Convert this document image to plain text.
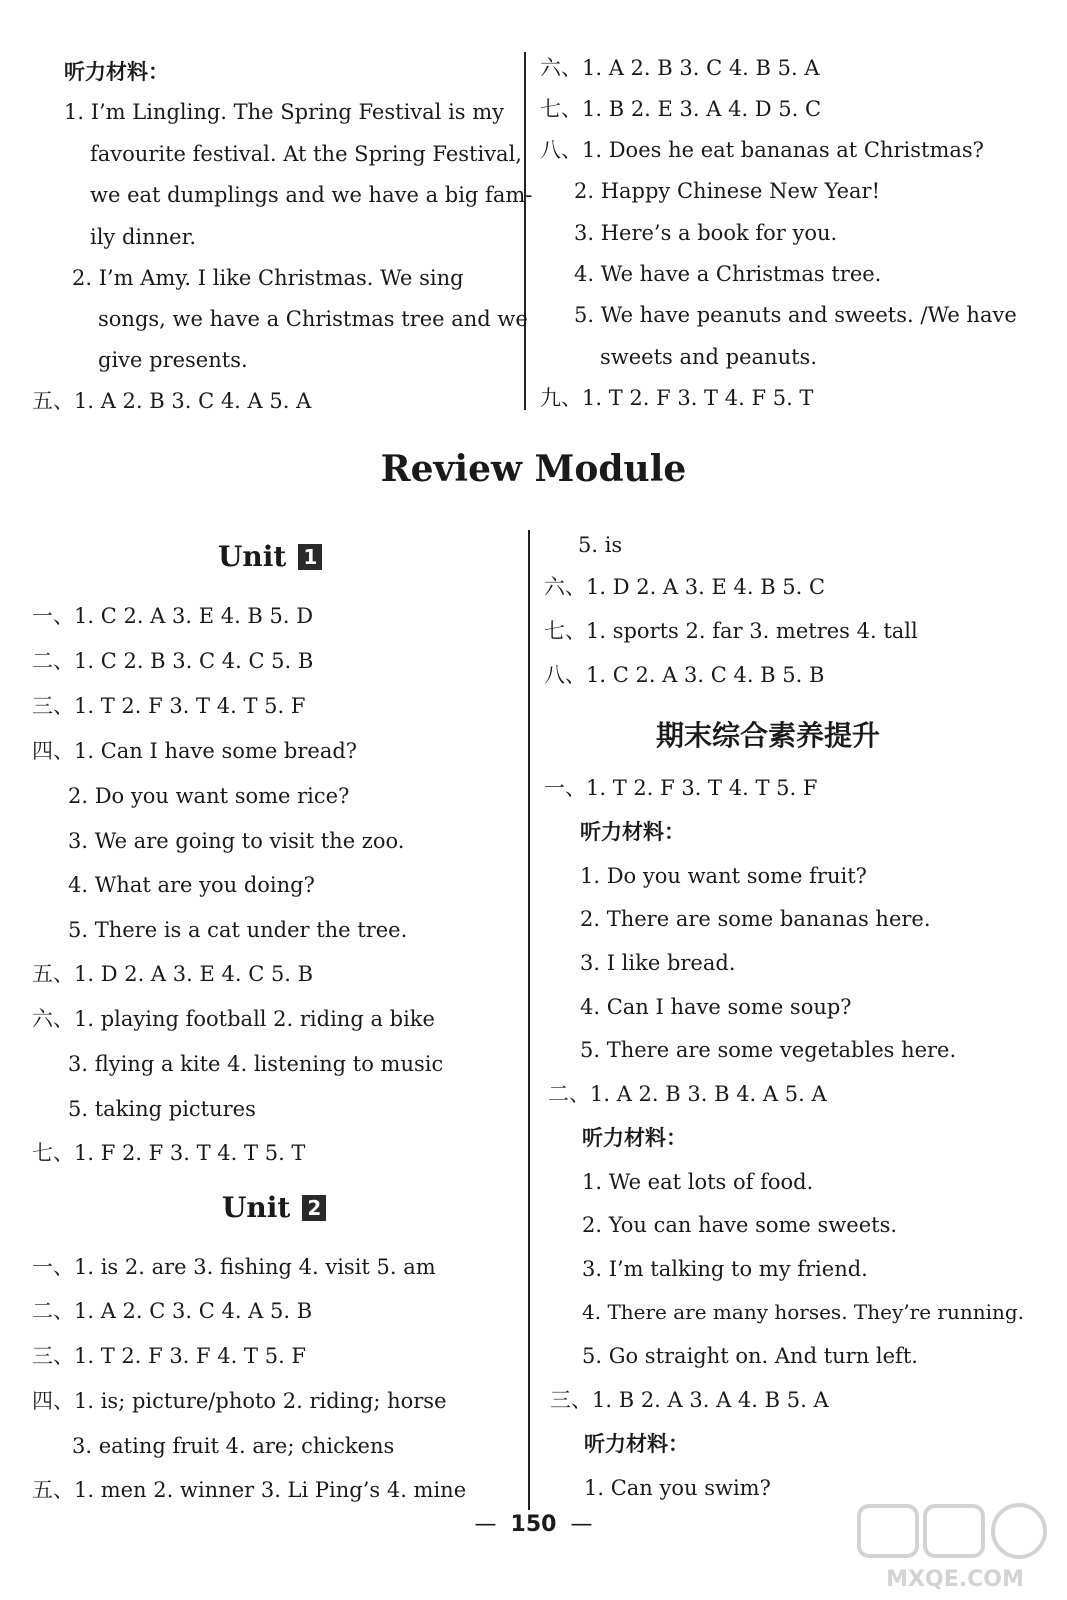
听力材料：
1. I’m Lingling. The Spring Festival is my
favourite festival. At the Spring Festival,
we eat dumplings and we have a big fam-
ily dinner.
2. I’m Amy. I like Christmas. We sing
songs, we have a Christmas tree and we
give presents.
五、1. A 2. B 3. C 4. A 5. A
六、1. A 2. B 3. C 4. B 5. A
七、1. B 2. E 3. A 4. D 5. C
八、1. Does he eat bananas at Christmas?
2. Happy Chinese New Year!
3. Here’s a book for you.
4. We have a Christmas tree.
5. We have peanuts and sweets. /We have
sweets and peanuts.
九、1. T 2. F 3. T 4. F 5. T
Review Module
Unit 1
一、1. C 2. A 3. E 4. B 5. D
二、1. C 2. B 3. C 4. C 5. B
三、1. T 2. F 3. T 4. T 5. F
四、1. Can I have some bread?
2. Do you want some rice?
3. We are going to visit the zoo.
4. What are you doing?
5. There is a cat under the tree.
五、1. D 2. A 3. E 4. C 5. B
六、1. playing football 2. riding a bike
3. flying a kite 4. listening to music
5. taking pictures
七、1. F 2. F 3. T 4. T 5. T
Unit 2
一、1. is 2. are 3. fishing 4. visit 5. am
二、1. A 2. C 3. C 4. A 5. B
三、1. T 2. F 3. F 4. T 5. F
四、1. is; picture/photo 2. riding; horse
3. eating fruit 4. are; chickens
五、1. men 2. winner 3. Li Ping’s 4. mine
5. is
六、1. D 2. A 3. E 4. B 5. C
七、1. sports 2. far 3. metres 4. tall
八、1. C 2. A 3. C 4. B 5. B
期末综合素养提升
一、1. T 2. F 3. T 4. T 5. F
听力材料：
1. Do you want some fruit?
2. There are some bananas here.
3. I like bread.
4. Can I have some soup?
5. There are some vegetables here.
二、1. A 2. B 3. B 4. A 5. A
听力材料：
1. We eat lots of food.
2. You can have some sweets.
3. I’m talking to my friend.
4. There are many horses. They’re running.
5. Go straight on. And turn left.
三、1. B 2. A 3. A 4. B 5. A
听力材料：
1. Can you swim?
— 150 —
MXQE.COM
